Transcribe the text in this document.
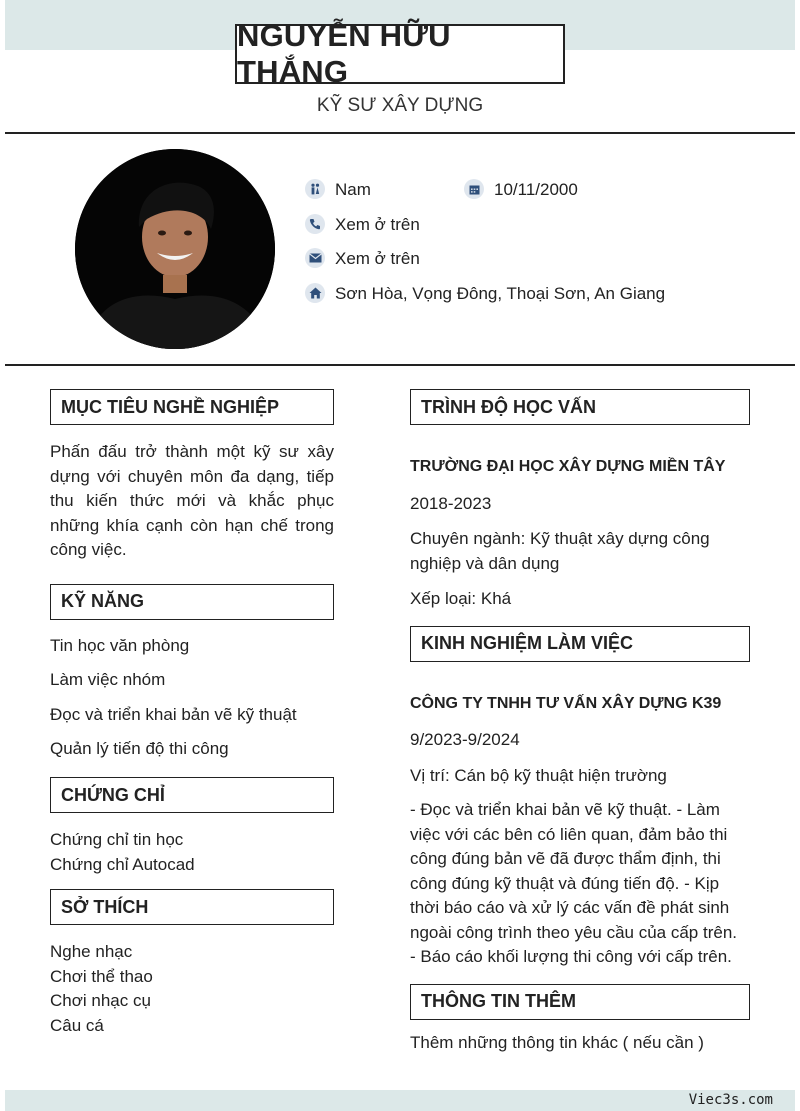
NGUYỄN HỮU THẮNG
KỸ SƯ XÂY DỰNG
Nam	10/11/2000
Xem ở trên
Xem ở trên
Sơn Hòa, Vọng Đông, Thoại Sơn, An Giang
MỤC TIÊU NGHỀ NGHIỆP
Phấn đấu trở thành một kỹ sư xây dựng với chuyên môn đa dạng, tiếp thu kiến thức mới và khắc phục những khía cạnh còn hạn chế trong công việc.
KỸ NĂNG
Tin học văn phòng
Làm việc nhóm
Đọc và triển khai bản vẽ kỹ thuật
Quản lý tiến độ thi công
CHỨNG CHỈ
Chứng chỉ tin học
Chứng chỉ Autocad
SỞ THÍCH
Nghe nhạc
Chơi thể thao
Chơi nhạc cụ
Câu cá
TRÌNH ĐỘ HỌC VẤN
TRƯỜNG ĐẠI HỌC XÂY DỰNG MIỀN TÂY
2018-2023
Chuyên ngành: Kỹ thuật xây dựng công nghiệp và dân dụng
Xếp loại: Khá
KINH NGHIỆM LÀM VIỆC
CÔNG TY TNHH TƯ VẤN XÂY DỰNG K39
9/2023-9/2024
Vị trí: Cán bộ kỹ thuật hiện trường
- Đọc và triển khai bản vẽ kỹ thuật. - Làm việc với các bên có liên quan, đảm bảo thi công đúng bản vẽ đã được thẩm định, thi công đúng kỹ thuật và đúng tiến độ. - Kịp thời báo cáo và xử lý các vấn đề phát sinh ngoài công trình theo yêu cầu của cấp trên. - Báo cáo khối lượng thi công với cấp trên.
THÔNG TIN THÊM
Thêm những thông tin khác ( nếu cần )
Viec3s.com
